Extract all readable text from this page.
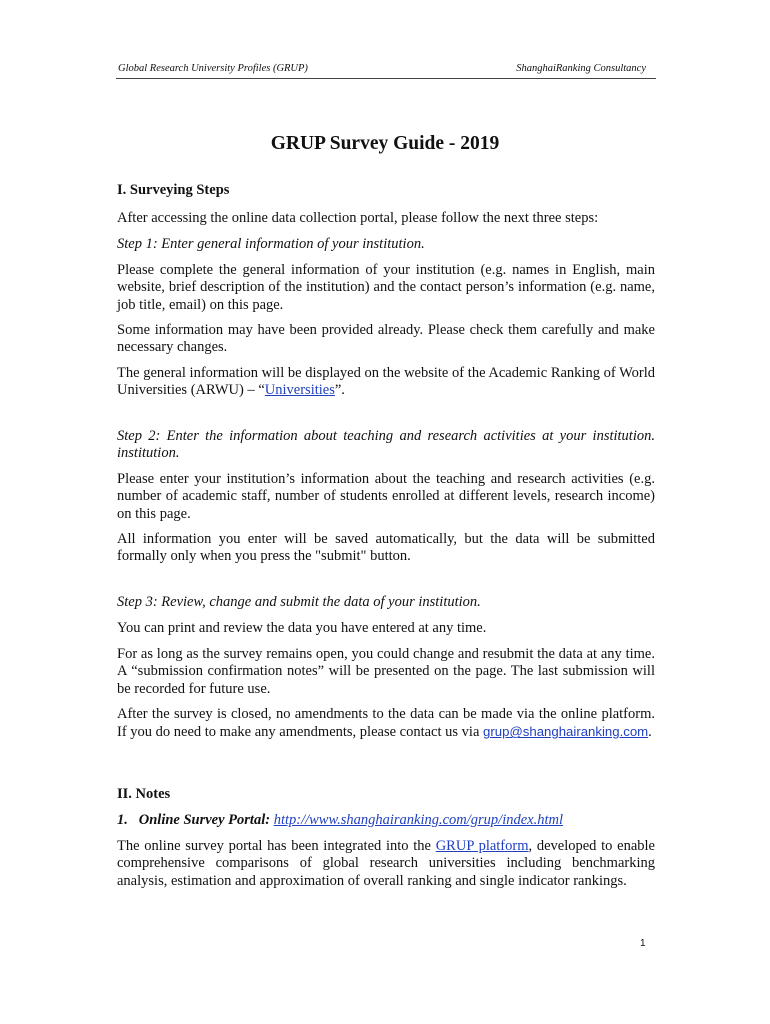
Global Research University Profiles (GRUP)	ShanghaiRanking Consultancy
GRUP Survey Guide - 2019
I. Surveying Steps
After accessing the online data collection portal, please follow the next three steps:
Step 1: Enter general information of your institution.
Please complete the general information of your institution (e.g. names in English, main website, brief description of the institution) and the contact person’s information (e.g. name, job title, email) on this page.
Some information may have been provided already. Please check them carefully and make necessary changes.
The general information will be displayed on the website of the Academic Ranking of World Universities (ARWU) – “Universities”.
Step 2: Enter the information about teaching and research activities at your institution.
institution.
Please enter your institution’s information about the teaching and research activities (e.g. number of academic staff, number of students enrolled at different levels, research income) on this page.
All information you enter will be saved automatically, but the data will be submitted formally only when you press the "submit" button.
Step 3: Review, change and submit the data of your institution.
You can print and review the data you have entered at any time.
For as long as the survey remains open, you could change and resubmit the data at any time. A “submission confirmation notes” will be presented on the page. The last submission will be recorded for future use.
After the survey is closed, no amendments to the data can be made via the online platform. If you do need to make any amendments, please contact us via grup@shanghairanking.com.
II. Notes
1.   Online Survey Portal: http://www.shanghairanking.com/grup/index.html
The online survey portal has been integrated into the GRUP platform, developed to enable comprehensive comparisons of global research universities including benchmarking analysis, estimation and approximation of overall ranking and single indicator rankings.
1
